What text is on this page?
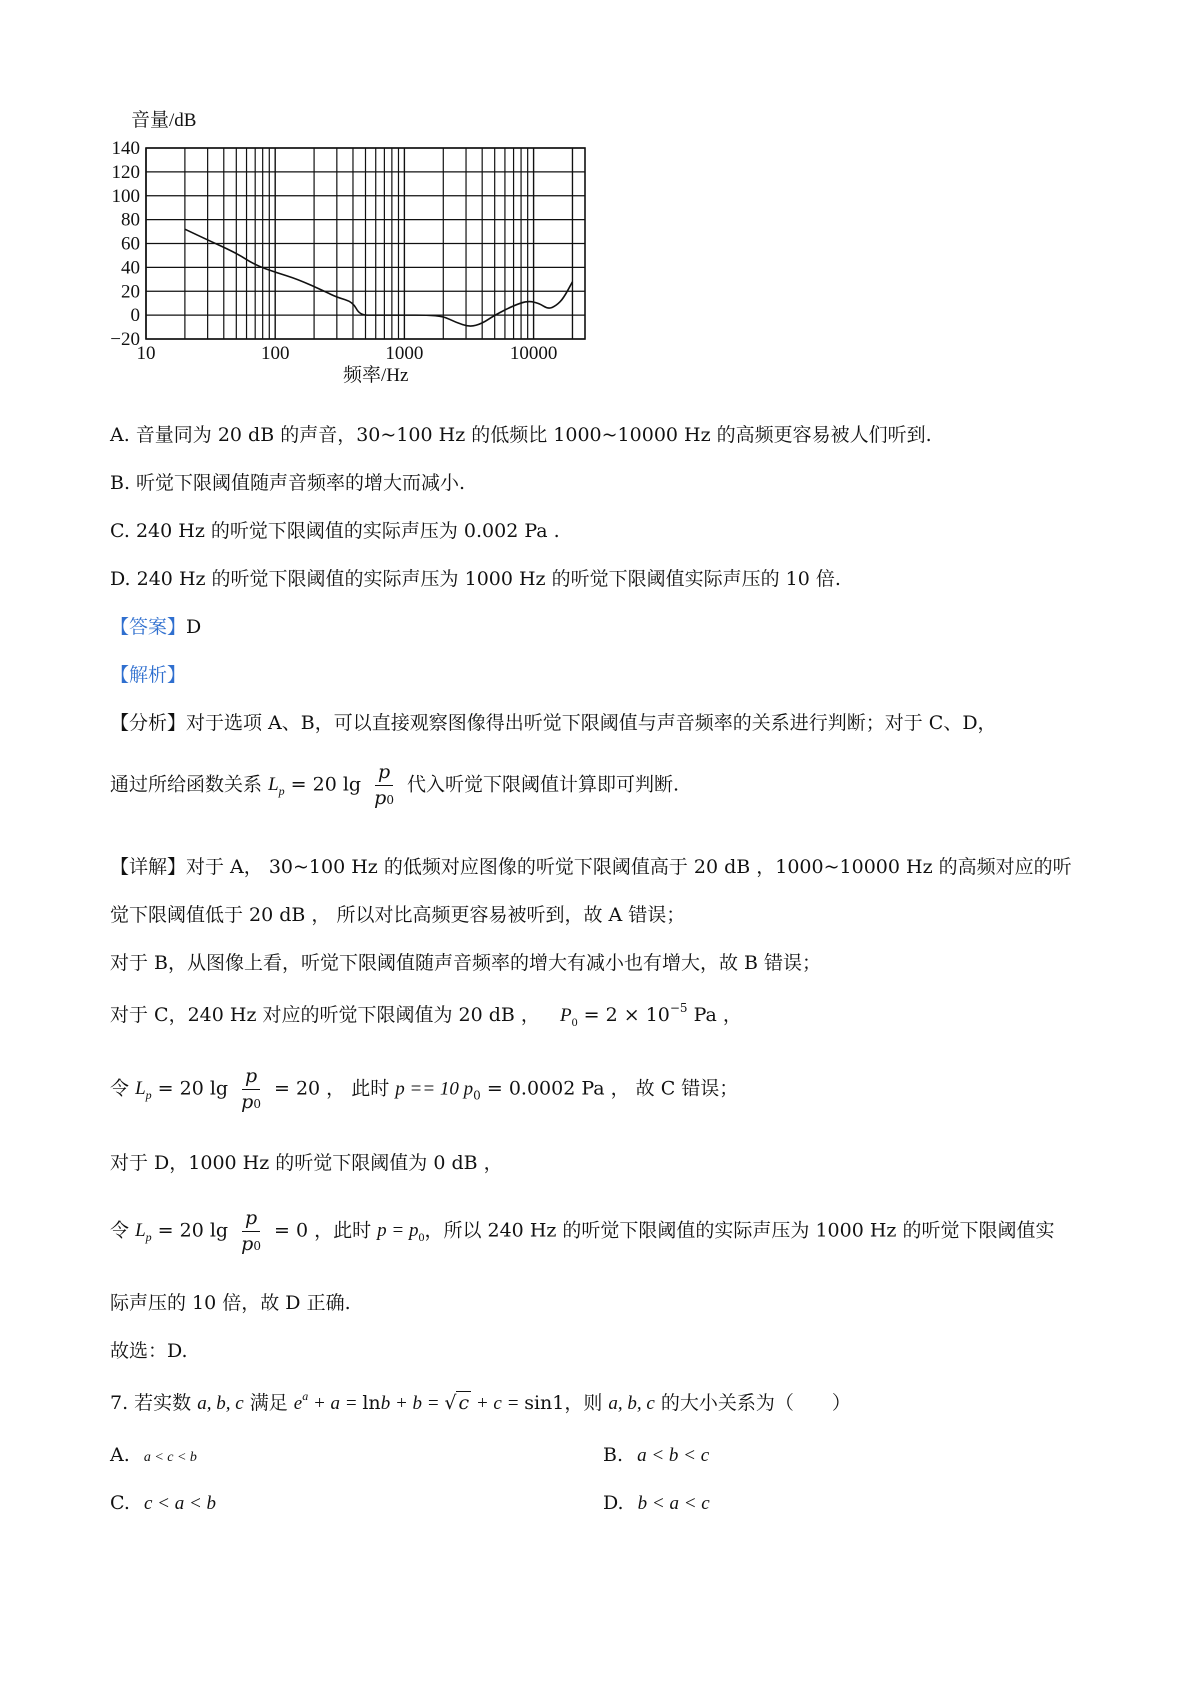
140
120
100
80
60
40
20
0
−20
10	100	1000	10000
音量/dB
频率/Hz
A. 音量同为 20 dB 的声音，30~100 Hz 的低频比 1000~10000 Hz 的高频更容易被人们听到.
B. 听觉下限阈值随声音频率的增大而减小.
C. 240 Hz 的听觉下限阈值的实际声压为 0.002 Pa .
D. 240 Hz 的听觉下限阈值的实际声压为 1000 Hz 的听觉下限阈值实际声压的 10 倍.
【答案】D
【解析】
【分析】对于选项 A、B，可以直接观察图像得出听觉下限阈值与声音频率的关系进行判断；对于 C、D，
通过所给函数关系 $L_p = 20$ $\lg \frac{p}{p0}$ 代入听觉下限阈值计算即可判断.
【详解】对于 A， 30~100 Hz 的低频对应图像的听觉下限阈值高于 20 dB ，1000~10000 Hz 的高频对应的听
觉下限阈值低于 20 dB ， 所以对比高频更容易被听到，故 A 错误；
对于 B，从图像上看，听觉下限阈值随声音频率的增大有减小也有增大，故 B 错误；
对于 C，240 Hz 对应的听觉下限阈值为 20 dB ， $P_0 = 2 \times 10^{-5}$ Pa ，
令 $L_p = 20$ $\lg \frac{p}{p0} = 20$ ， 此时 p == 10 $p_0 = 0.0002$ Pa ， 故 C 错误；
对于 D，1000 Hz 的听觉下限阈值为 0 dB ，
令 $L_p = 20$ $\lg \frac{p}{p0} = 0$ ，此时 $p = p_0$，所以 240 Hz 的听觉下限阈值的实际声压为 1000 Hz 的听觉下限阈值实
际声压的 10 倍，故 D 正确.
故选：D.
7. 若实数 a, b, c 满足 $e^a + a = \ln b + b$ = √ c + c = sin1，则 a, b, c 的大小关系为（　　）
A. a < c < b	B. a < b < c
C. c < a < b	D. b < a < c
